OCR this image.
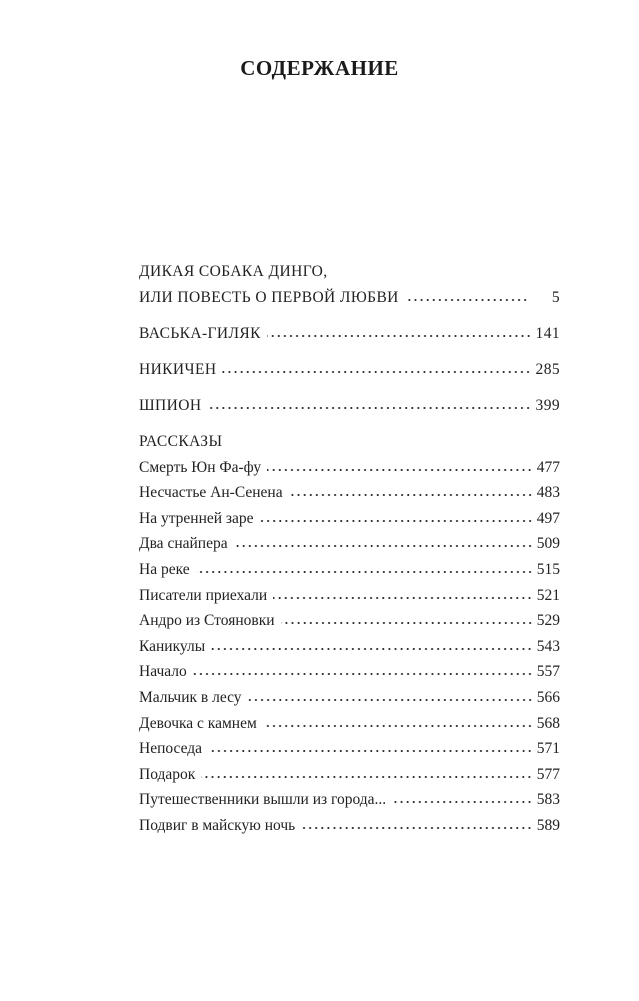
СОДЕРЖАНИЕ
ДИКАЯ СОБАКА ДИНГО,
ИЛИ ПОВЕСТЬ О ПЕРВОЙ ЛЮБВИ	5
ВАСЬКА-ГИЛЯК	141
НИКИЧЕН	285
ШПИОН	399
РАССКАЗЫ
Смерть Юн Фа-фу	477
Несчастье Ан-Сенена	483
На утренней заре	497
Два снайпера	509
На реке	515
Писатели приехали	521
Андро из Стояновки	529
Каникулы	543
Начало	557
Мальчик в лесу	566
Девочка с камнем	568
Непоседа	571
Подарок	577
Путешественники вышли из города...	583
Подвиг в майскую ночь	589
